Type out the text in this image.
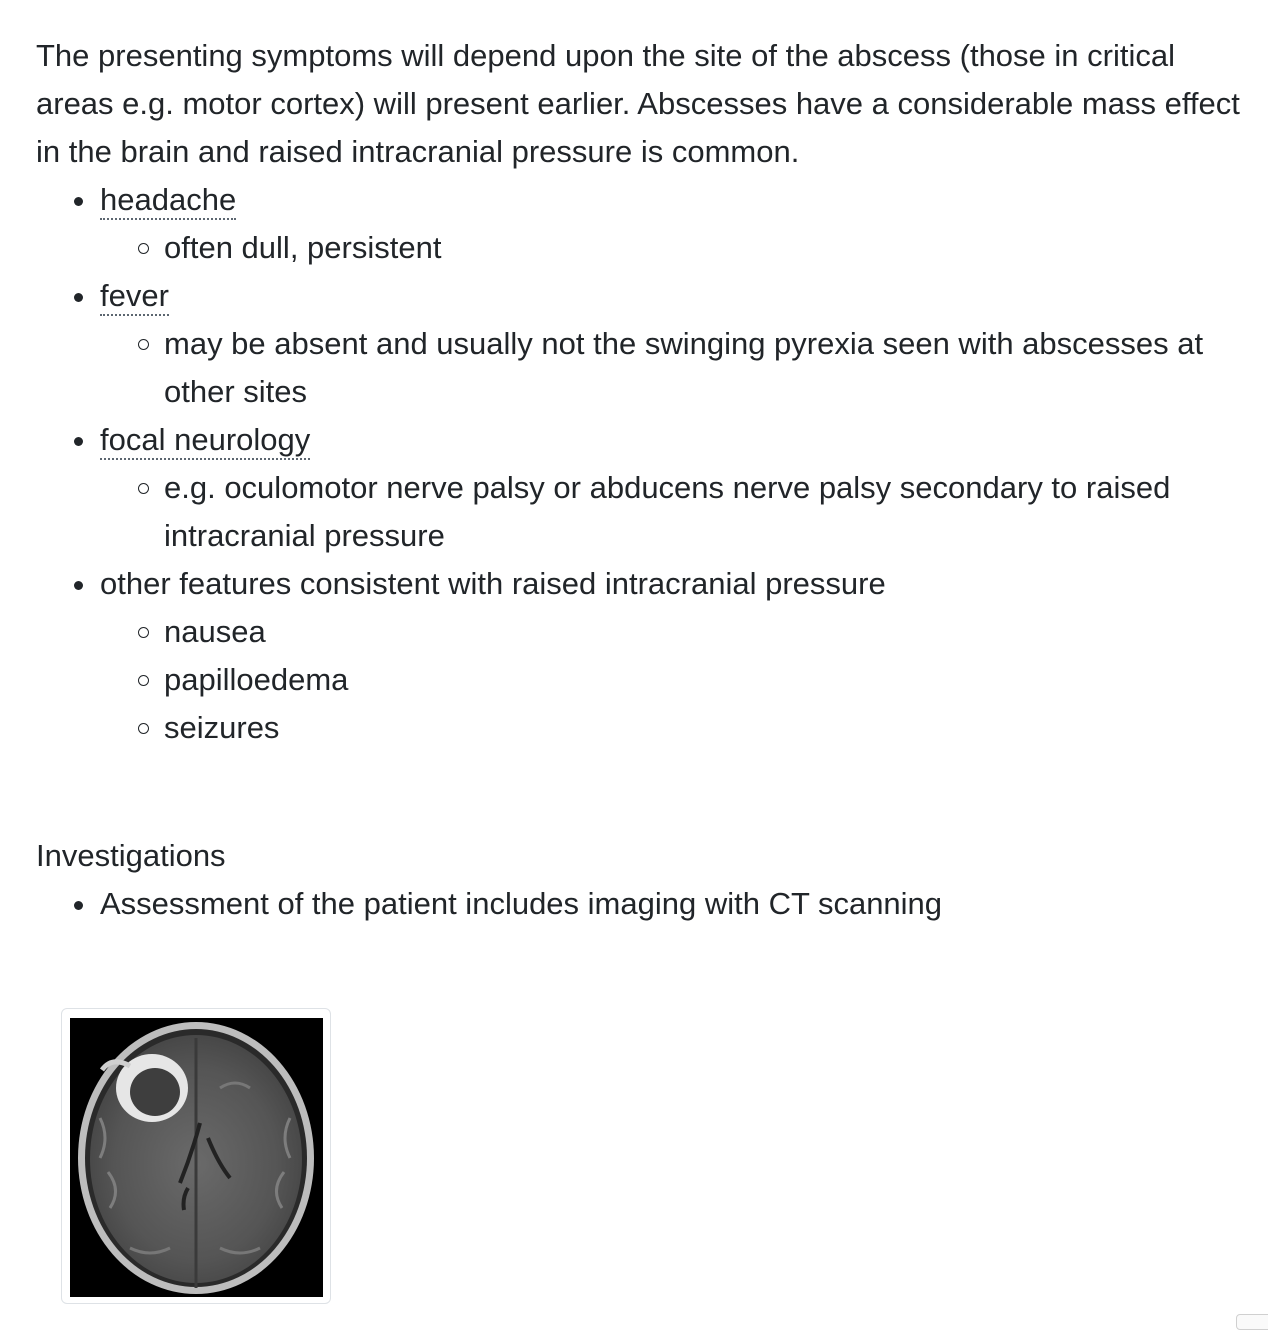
The presenting symptoms will depend upon the site of the abscess (those in critical
areas e.g. motor cortex) will present earlier. Abscesses have a considerable mass effect
in the brain and raised intracranial pressure is common.

headache
often dull, persistent
fever
may be absent and usually not the swinging pyrexia seen with abscesses at other sites
focal neurology
e.g. oculomotor nerve palsy or abducens nerve palsy secondary to raised intracranial pressure
other features consistent with raised intracranial pressure
nausea
papilloedema
seizures

Investigations

Assessment of the patient includes imaging with CT scanning
